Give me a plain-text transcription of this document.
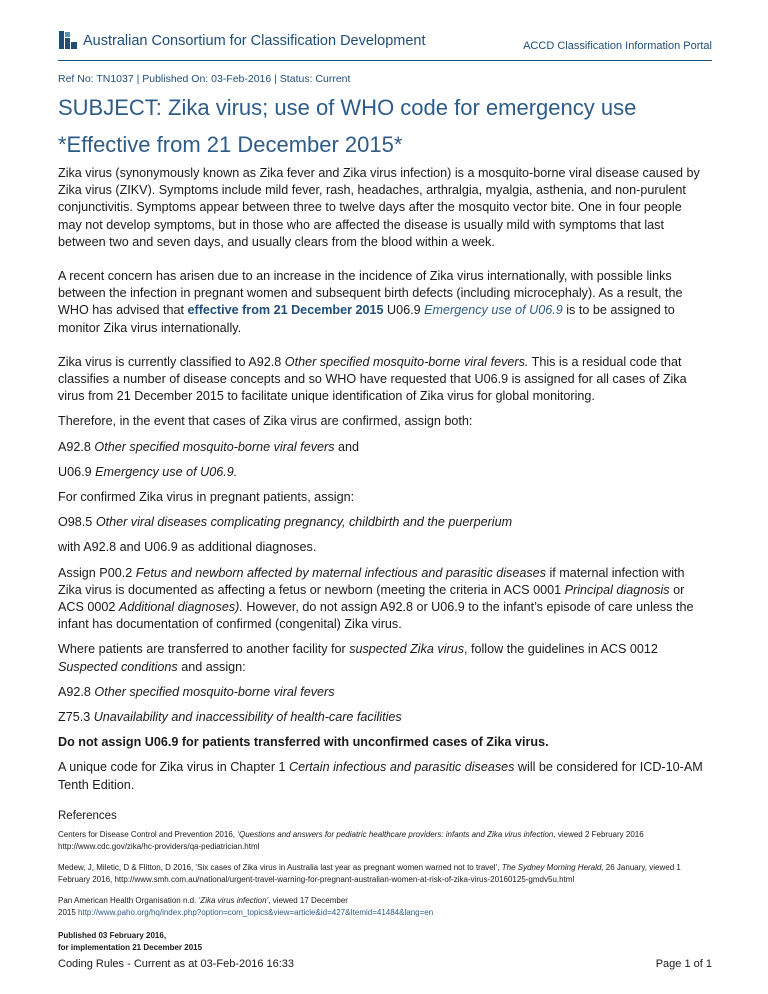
Australian Consortium for Classification Development	ACCD Classification Information Portal
Ref No: TN1037 | Published On: 03-Feb-2016 | Status: Current
SUBJECT: Zika virus; use of WHO code for emergency use
*Effective from 21 December 2015*

Zika virus (synonymously known as Zika fever and Zika virus infection) is a mosquito-borne viral disease caused by Zika virus (ZIKV). Symptoms include mild fever, rash, headaches, arthralgia, myalgia, asthenia, and non-purulent conjunctivitis. Symptoms appear between three to twelve days after the mosquito vector bite. One in four people may not develop symptoms, but in those who are affected the disease is usually mild with symptoms that last between two and seven days, and usually clears from the blood within a week.

A recent concern has arisen due to an increase in the incidence of Zika virus internationally, with possible links between the infection in pregnant women and subsequent birth defects (including microcephaly). As a result, the WHO has advised that effective from 21 December 2015 U06.9 Emergency use of U06.9 is to be assigned to monitor Zika virus internationally.

Zika virus is currently classified to A92.8 Other specified mosquito-borne viral fevers. This is a residual code that classifies a number of disease concepts and so WHO have requested that U06.9 is assigned for all cases of Zika virus from 21 December 2015 to facilitate unique identification of Zika virus for global monitoring.

Therefore, in the event that cases of Zika virus are confirmed, assign both:

A92.8 Other specified mosquito-borne viral fevers and

U06.9 Emergency use of U06.9.

For confirmed Zika virus in pregnant patients, assign:

O98.5 Other viral diseases complicating pregnancy, childbirth and the puerperium

with A92.8 and U06.9 as additional diagnoses.

Assign P00.2 Fetus and newborn affected by maternal infectious and parasitic diseases if maternal infection with Zika virus is documented as affecting a fetus or newborn (meeting the criteria in ACS 0001 Principal diagnosis or ACS 0002 Additional diagnoses). However, do not assign A92.8 or U06.9 to the infant’s episode of care unless the infant has documentation of confirmed (congenital) Zika virus.

Where patients are transferred to another facility for suspected Zika virus, follow the guidelines in ACS 0012 Suspected conditions and assign:

A92.8 Other specified mosquito-borne viral fevers

Z75.3 Unavailability and inaccessibility of health-care facilities

Do not assign U06.9 for patients transferred with unconfirmed cases of Zika virus.

A unique code for Zika virus in Chapter 1 Certain infectious and parasitic diseases will be considered for ICD-10-AM Tenth Edition.

References
Centers for Disease Control and Prevention 2016, ‘Questions and answers for pediatric healthcare providers: infants and Zika virus infection, viewed 2 February 2016
http://www.cdc.gov/zika/hc-providers/qa-pediatrician.html
Medew, J, Miletic, D & Flitton, D 2016, ‘Six cases of Zika virus in Australia last year as pregnant women warned not to travel’, The Sydney Morning Herald, 26 January, viewed 1 February 2016, http://www.smh.com.au/national/urgent-travel-warning-for-pregnant-australian-women-at-risk-of-zika-virus-20160125-gmdv5u.html
Pan American Health Organisation n.d. ‘Zika virus infection’, viewed 17 December
2015 http://www.paho.org/hq/index.php?option=com_topics&view=article&id=427&Itemid=41484&lang=en
Published 03 February 2016,
for implementation 21 December 2015
Coding Rules - Current as at 03-Feb-2016 16:33	Page 1 of 1
